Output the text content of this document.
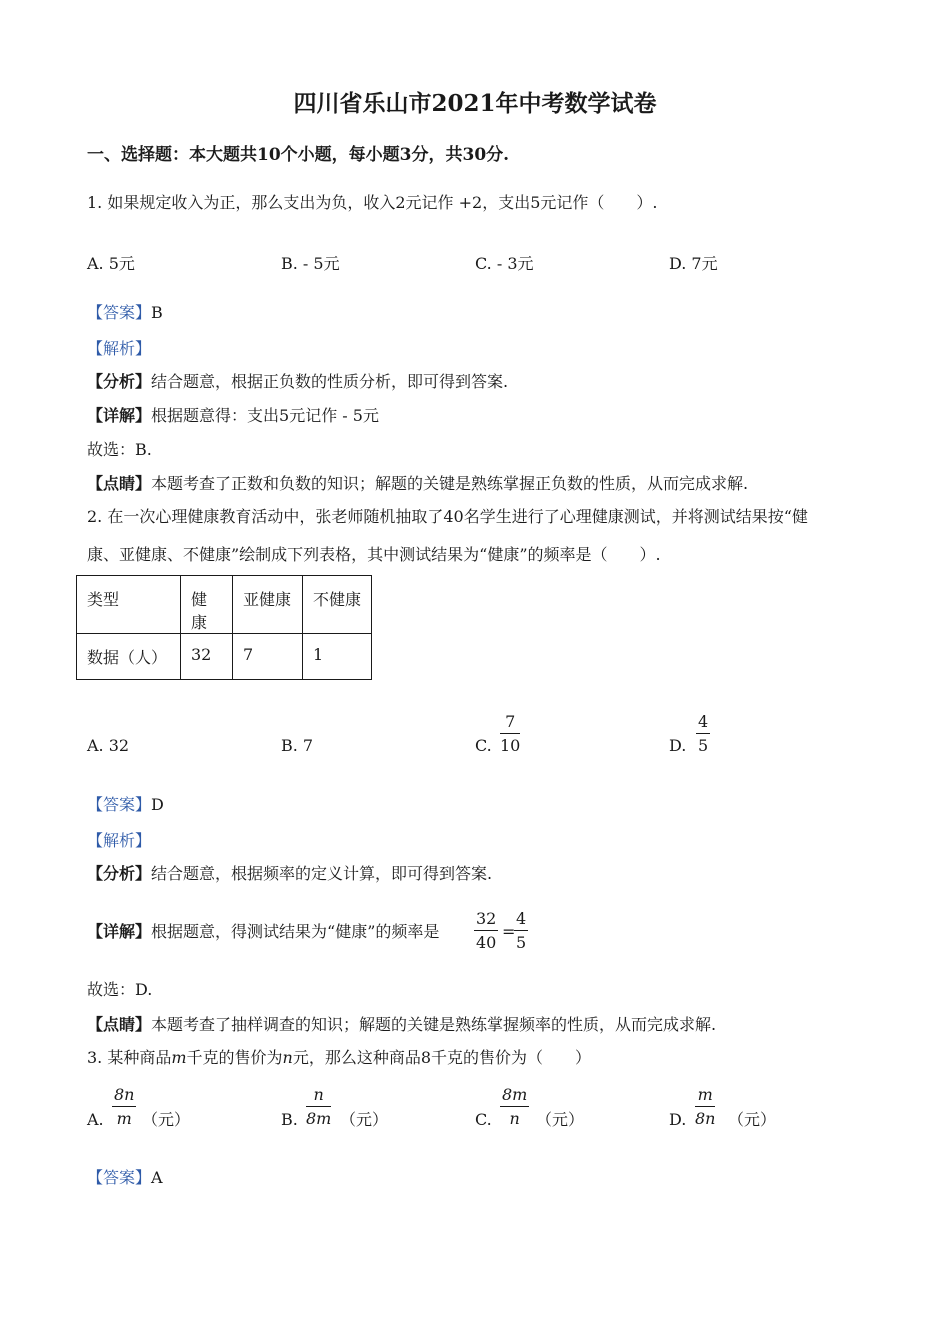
四川省乐山市2021年中考数学试卷
一、选择题：本大题共10个小题，每小题3分，共30分.
1. 如果规定收入为正，那么支出为负，收入2元记作 +2，支出5元记作（　　）.
A. 5元	B. - 5元	C. - 3元	D. 7元
【答案】B
【解析】
【分析】结合题意，根据正负数的性质分析，即可得到答案.
【详解】根据题意得：支出5元记作 - 5元
故选：B.
【点睛】本题考查了正数和负数的知识；解题的关键是熟练掌握正负数的性质，从而完成求解.
2. 在一次心理健康教育活动中，张老师随机抽取了40名学生进行了心理健康测试，并将测试结果按“健
康、亚健康、不健康”绘制成下列表格，其中测试结果为“健康”的频率是（　　）.
类型	健康	亚健康	不健康
数据（人）	32	7	1
A. 32	B. 7	C. $\frac{7}{10}$	D. $\frac{4}{5}$
【答案】D
【解析】
【分析】结合题意，根据频率的定义计算，即可得到答案.
【详解】根据题意，得测试结果为“健康”的频率是 $\frac{32}{40}$ =
$\frac{4}{5}$
故选：D.
【点睛】本题考查了抽样调查的知识；解题的关键是熟练掌握频率的性质，从而完成求解.
3. 某种商品m千克的售价为n元，那么这种商品8千克的售价为（　　）
A. $\frac{8n}{m}$ （元）	B. $\frac{n}{8m}$ （元）	C. $\frac{8m}{n}$ （元）	D. $\frac{m}{8n}$ （元）
【答案】A
